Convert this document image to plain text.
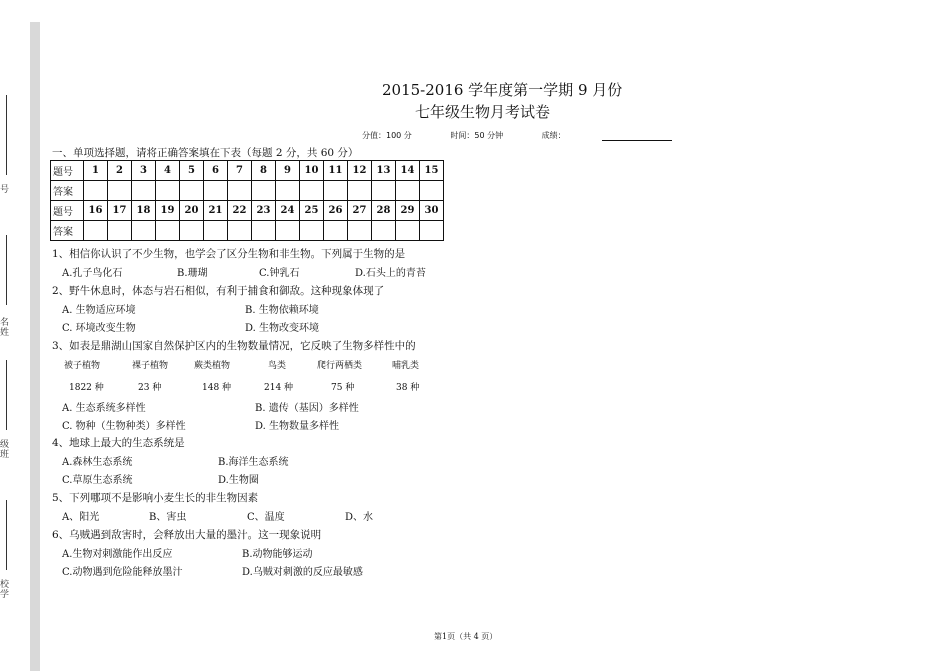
号
名姓
级班
校学
2015-2016 学年度第一学期 9 月份
七年级生物月考试卷
分值：100 分	时间：50 分钟	成绩：
一、单项选择题，请将正确答案填在下表（每题 2 分，共 60 分）
题号	1	2	3	4	5	6	7	8	9	10	11	12	13	14	15
答案															
题号	16	17	18	19	20	21	22	23	24	25	26	27	28	29	30
答案															
1、相信你认识了不少生物，也学会了区分生物和非生物。下列属于生物的是
A.孔子鸟化石	B.珊瑚	C.钟乳石	D.石头上的青苔
2、野牛休息时，体态与岩石相似，有利于捕食和御敌。这种现象体现了
A. 生物适应环境	B. 生物依赖环境
C. 环境改变生物	D. 生物改变环境
3、如表是鼎湖山国家自然保护区内的生物数量情况，它反映了生物多样性中的
被子植物	裸子植物	蕨类植物	鸟类	爬行两栖类	哺乳类
1822 种	23 种	148 种	214 种	75 种	38 种
A. 生态系统多样性	B. 遗传（基因）多样性
C. 物种（生物种类）多样性	D. 生物数量多样性
4、地球上最大的生态系统是
A.森林生态系统	B.海洋生态系统
C.草原生态系统	D.生物圈
5、下列哪项不是影响小麦生长的非生物因素
A、阳光	B、害虫	C、温度	D、水
6、乌贼遇到敌害时，会释放出大量的墨汁。这一现象说明
A.生物对刺激能作出反应	B.动物能够运动
C.动物遇到危险能释放墨汁	D.乌贼对刺激的反应最敏感
第1页（共 4 页）
